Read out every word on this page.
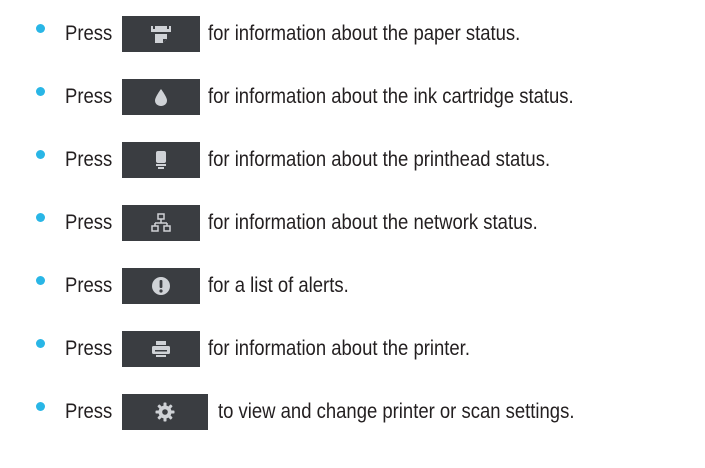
Press	for information about the paper status.
Press	for information about the ink cartridge status.
Press	for information about the printhead status.
Press	for information about the network status.
Press	for a list of alerts.
Press	for information about the printer.
Press	to view and change printer or scan settings.
